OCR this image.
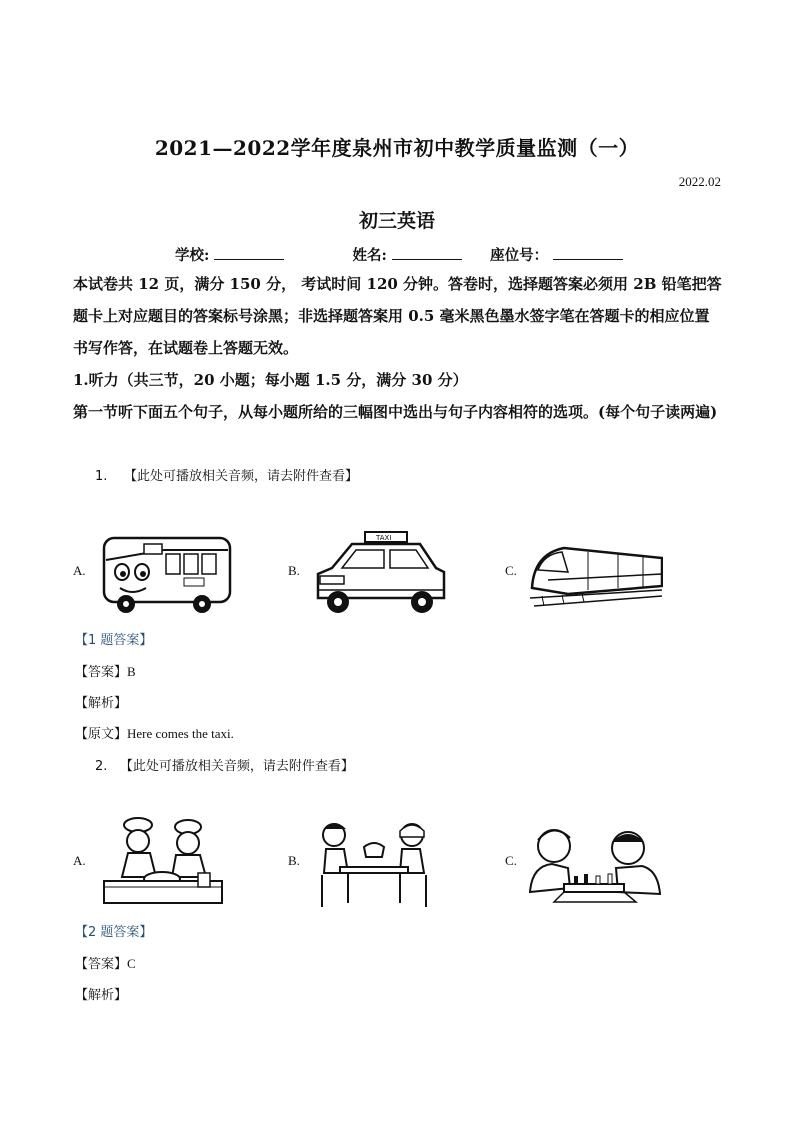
2021—2022学年度泉州市初中教学质量监测（一）
2022.02
初三英语
学校:	姓名:	座位号：
本试卷共 12 页，满分 150 分， 考试时间 120 分钟。答卷时，选择题答案必须用 2B 铅笔把答题卡上对应题目的答案标号涂黑；非选择题答案用 0.5 毫米黑色墨水签字笔在答题卡的相应位置书写作答，在试题卷上答题无效。
1.听力（共三节，20 小题；每小题 1.5 分，满分 30 分）
第一节听下面五个句子，从每小题所给的三幅图中选出与句子内容相符的选项。(每个句子读两遍)
1. 【此处可播放相关音频，请去附件查看】
A.	B.
TAXI
C.
【1 题答案】
【答案】B
【解析】
【原文】Here comes the taxi.
2. 【此处可播放相关音频，请去附件查看】
A.	B.	C.
【2 题答案】
【答案】C
【解析】
